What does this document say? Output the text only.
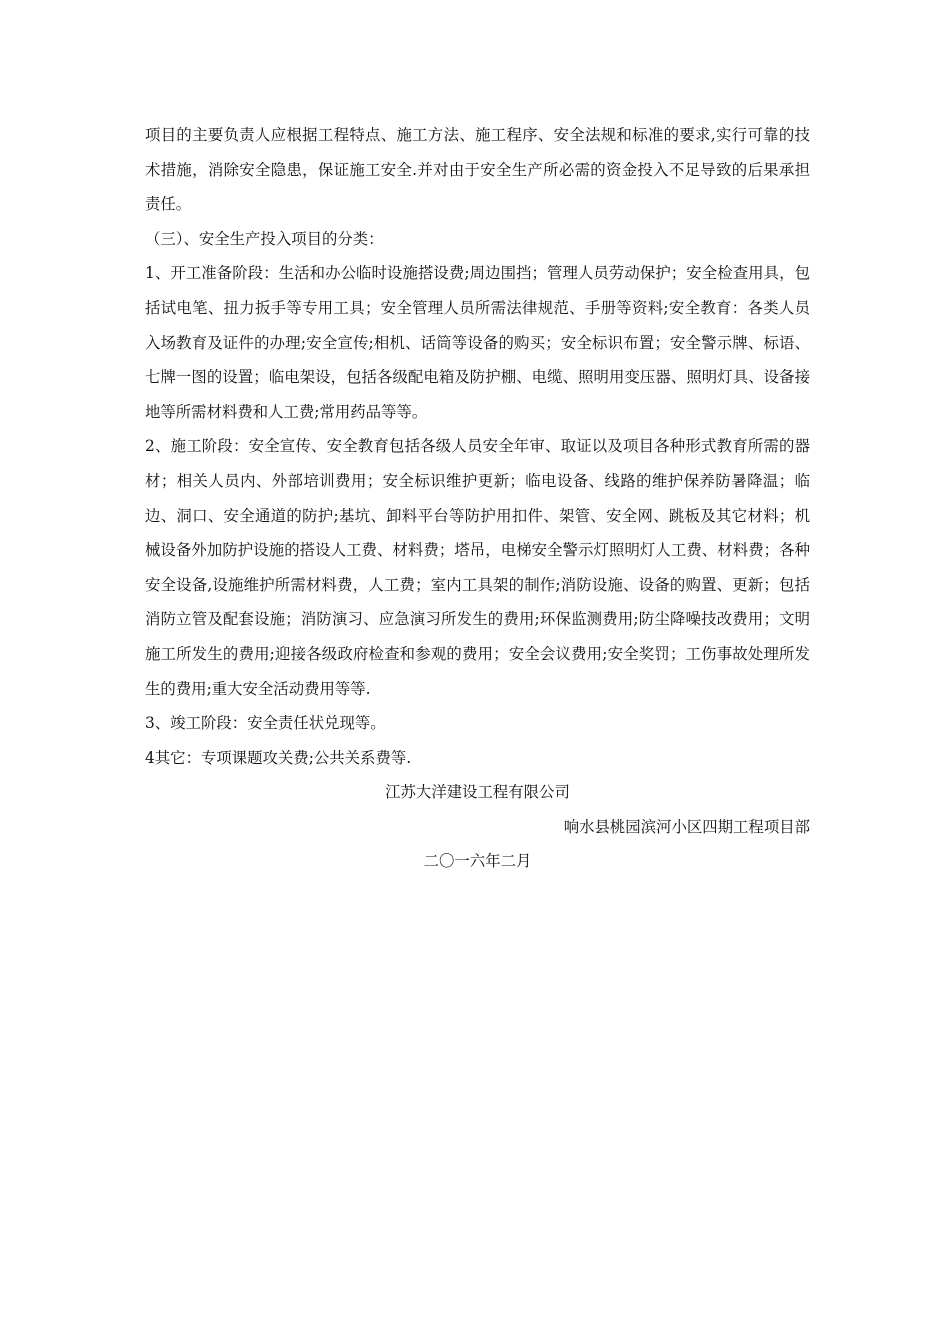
项目的主要负责人应根据工程特点、施工方法、施工程序、安全法规和标准的要求,实行可靠的技术措施，消除安全隐患，保证施工安全.并对由于安全生产所必需的资金投入不足导致的后果承担责任。

（三）、安全生产投入项目的分类：

1、开工准备阶段：生活和办公临时设施搭设费;周边围挡；管理人员劳动保护；安全检查用具，包括试电笔、扭力扳手等专用工具；安全管理人员所需法律规范、手册等资料;安全教育：各类人员入场教育及证件的办理;安全宣传;相机、话筒等设备的购买；安全标识布置；安全警示牌、标语、七牌一图的设置；临电架设，包括各级配电箱及防护棚、电缆、照明用变压器、照明灯具、设备接地等所需材料费和人工费;常用药品等等。

2、施工阶段：安全宣传、安全教育包括各级人员安全年审、取证以及项目各种形式教育所需的器材；相关人员内、外部培训费用；安全标识维护更新；临电设备、线路的维护保养防暑降温；临边、洞口、安全通道的防护;基坑、卸料平台等防护用扣件、架管、安全网、跳板及其它材料；机械设备外加防护设施的搭设人工费、材料费；塔吊，电梯安全警示灯照明灯人工费、材料费；各种安全设备,设施维护所需材料费，人工费；室内工具架的制作;消防设施、设备的购置、更新；包括消防立管及配套设施；消防演习、应急演习所发生的费用;环保监测费用;防尘降噪技改费用；文明施工所发生的费用;迎接各级政府检查和参观的费用；安全会议费用;安全奖罚；工伤事故处理所发生的费用;重大安全活动费用等等.

3、竣工阶段：安全责任状兑现等。

4其它：专项课题攻关费;公共关系费等.

江苏大洋建设工程有限公司

响水县桃园滨河小区四期工程项目部

二〇一六年二月
